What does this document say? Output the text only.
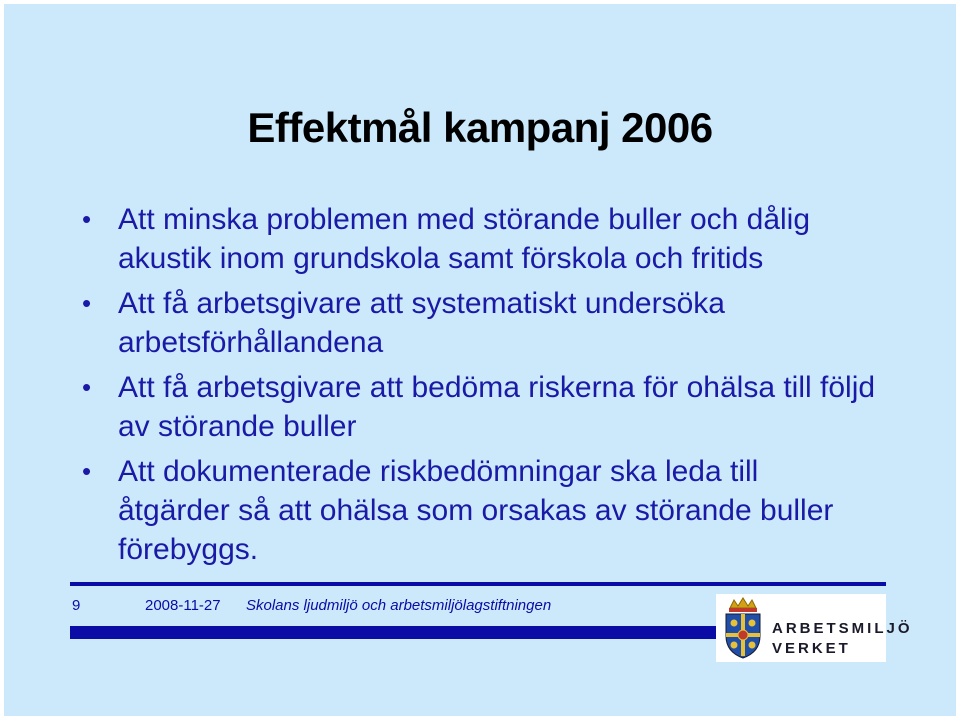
Effektmål kampanj 2006
• Att minska problemen med störande buller och dålig akustik inom grundskola samt förskola och fritids
• Att få arbetsgivare att systematiskt undersöka arbetsförhållandena
• Att få arbetsgivare att bedöma riskerna för ohälsa till följd av störande buller
• Att dokumenterade riskbedömningar ska leda till åtgärder så att ohälsa som orsakas av störande buller förebyggs.
9	2008-11-27 Skolans ljudmiljö och arbetsmiljölagstiftningen
ARBETSMILJÖ
VERKET
